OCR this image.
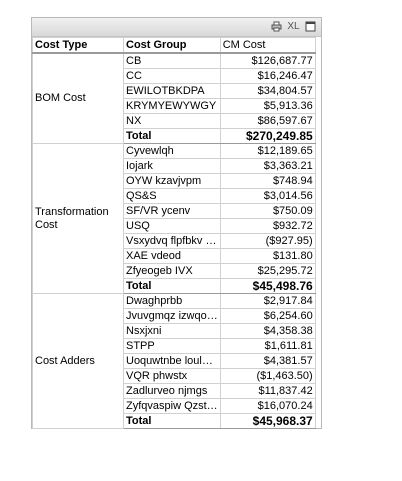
XL
Cost Type	Cost Group	CM Cost
BOM Cost	CB	$126,687.77
	CC	$16,246.47
	EWILOTBKDPA	$34,804.57
	KRYMYEWYWGY	$5,913.36
	NX	$86,597.67
	Total	$270,249.85
Transformation Cost	Cyvewlqh	$12,189.65
	Iojark	$3,363.21
	OYW kzavjvpm	$748.94
	QS&S	$3,014.56
	SF/VR ycenv	$750.09
	USQ	$932.72
	Vsxydvq flpfbkv …	($927.95)
	XAE vdeod	$131.80
	Zfyeogeb IVX	$25,295.72
	Total	$45,498.76
Cost Adders	Dwaghprbb	$2,917.84
	Jvuvgmqz izwqo…	$6,254.60
	Nsxjxni	$4,358.38
	STPP	$1,611.81
	Uoquwtnbe loul…	$4,381.57
	VQR phwstx	($1,463.50)
	Zadlurveo njmgs	$11,837.42
	Zyfqvaspiw Qzst…	$16,070.24
	Total	$45,968.37
